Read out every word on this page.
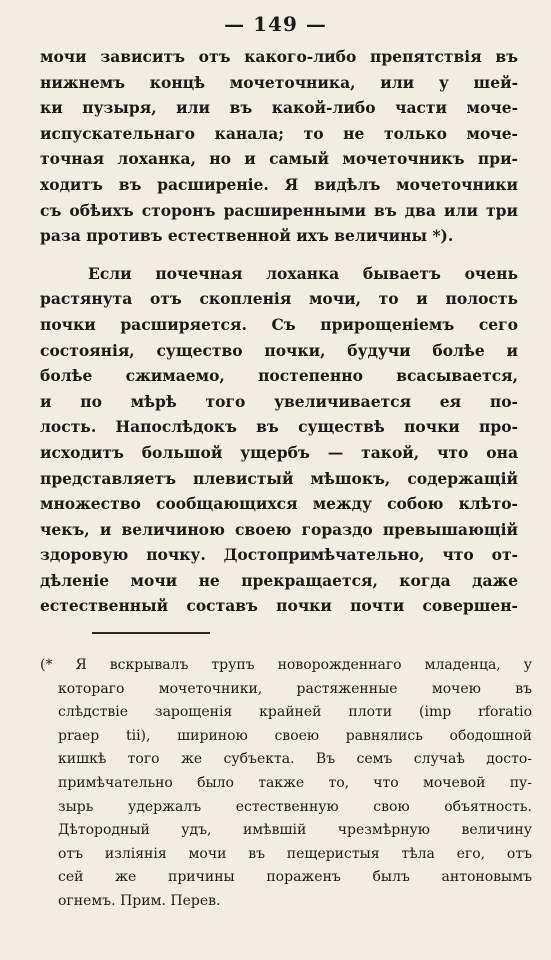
— 149 —
мочи зависитъ отъ какого-либо препятствія въ
нижнемъ концѣ мочеточника, или у шей-
ки пузыря, или въ какой-либо части моче-
испускательнаго канала; то не только моче-
точная лоханка, но и самый мочеточникъ при-
ходитъ въ расширеніе. Я видѣлъ мочеточники
съ обѣихъ сторонъ расширенными въ два или три
раза противъ естественной ихъ величины *).
Если почечная лоханка бываетъ очень
растянута отъ скопленія мочи, то и полость
почки расширяется. Съ прирощеніемъ сего
состоянія, существо почки, будучи болѣе и
болѣе сжимаемо, постепенно всасывается,
и по мѣрѣ того увеличивается ея по-
лость. Напослѣдокъ въ существѣ почки про-
исходитъ большой ущербъ — такой, что она
представляетъ плевистый мѣшокъ, содержащій
множество сообщающихся между собою клѣто-
чекъ, и величиною своею гораздо превышающій
здоровую почку. Достопримѣчательно, что от-
дѣленіе мочи не прекращается, когда даже
естественный составъ почки почти совершен-
(* Я вскрывалъ трупъ новорожденнаго младенца, у
котораго мочеточники, растяженные мочею въ
слѣдствіе зарощенія крайней плоти (imp rforatio
praep tii), шириною своею равнялись ободошной
кишкѣ того же субъекта. Въ семъ случаѣ досто-
примѣчательно было также то, что мочевой пу-
зырь удержалъ естественную свою объятность.
Дѣтородный удъ, имѣвшій чрезмѣрную величину
отъ изліянія мочи въ пещеристыя тѣла его, отъ
сей же причины пораженъ былъ антоновымъ
огнемъ. Прим. Перев.
